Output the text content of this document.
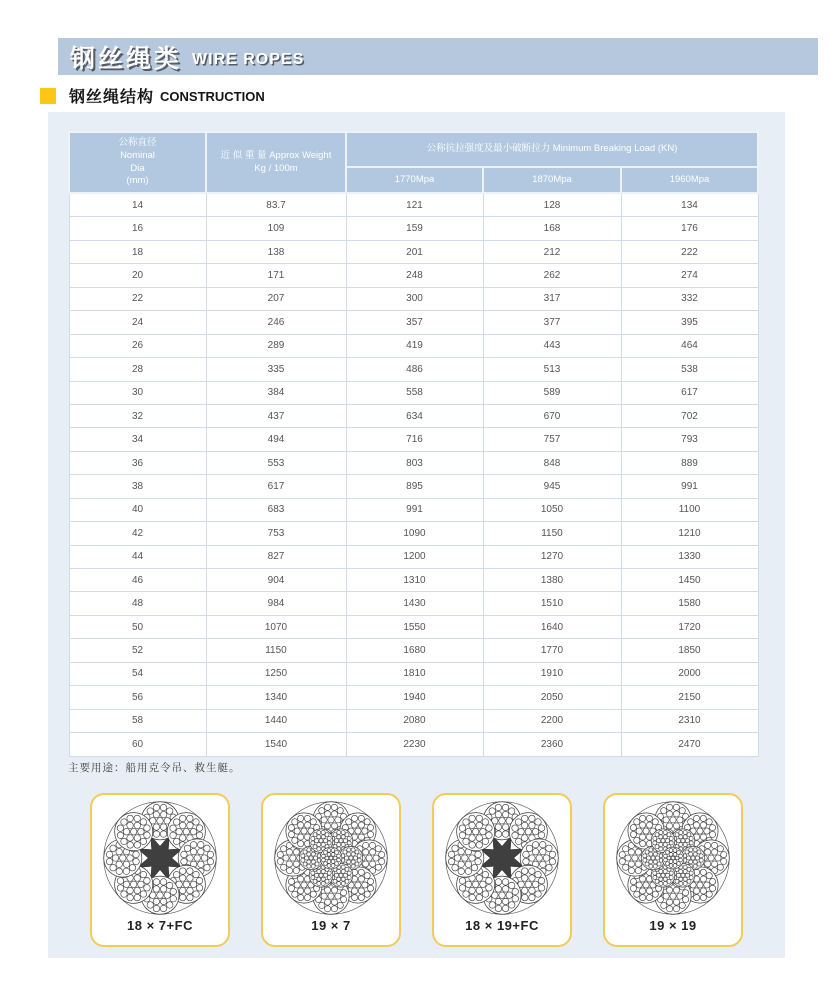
钢丝绳类 WIRE ROPES
钢丝绳结构 CONSTRUCTION
公称直径
Nominal
Dia
(mm)

近 似 重 量 Approx Weight
Kg / 100m
	公称抗拉强度及最小破断拉力 Minimum Breaking Load (KN)
		1770Mpa	1870Mpa	1960Mpa
14	83.7	121	128	134
16	109	159	168	176
18	138	201	212	222
20	171	248	262	274
22	207	300	317	332
24	246	357	377	395
26	289	419	443	464
28	335	486	513	538
30	384	558	589	617
32	437	634	670	702
34	494	716	757	793
36	553	803	848	889
38	617	895	945	991
40	683	991	1050	1100
42	753	1090	1150	1210
44	827	1200	1270	1330
46	904	1310	1380	1450
48	984	1430	1510	1580
50	1070	1550	1640	1720
52	1150	1680	1770	1850
54	1250	1810	1910	2000
56	1340	1940	2050	2150
58	1440	2080	2200	2310
60	1540	2230	2360	2470
主要用途：船用克令吊、救生艇。
18 × 7+FC	19 × 7	18 × 19+FC	19 × 19
